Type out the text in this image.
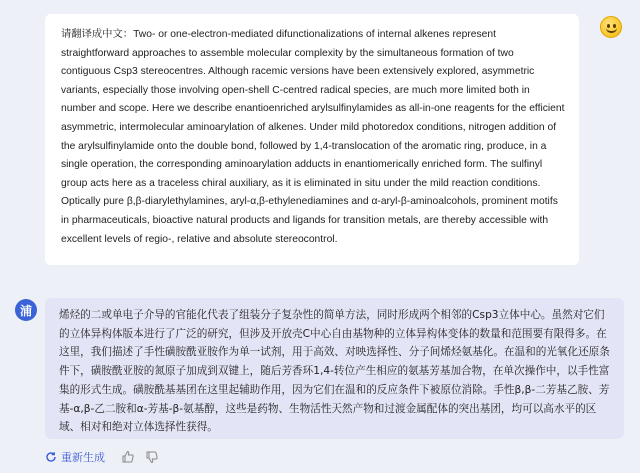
请翻译成中文：Two- or one-electron-mediated difunctionalizations of internal alkenes represent straightforward approaches to assemble molecular complexity by the simultaneous formation of two contiguous Csp3 stereocentres. Although racemic versions have been extensively explored, asymmetric variants, especially those involving open-shell C-centred radical species, are much more limited both in number and scope. Here we describe enantioenriched arylsulfinylamides as all-in-one reagents for the efficient asymmetric, intermolecular aminoarylation of alkenes. Under mild photoredox conditions, nitrogen addition of the arylsulfinylamide onto the double bond, followed by 1,4-translocation of the aromatic ring, produce, in a single operation, the corresponding aminoarylation adducts in enantiomerically enriched form. The sulfinyl group acts here as a traceless chiral auxiliary, as it is eliminated in situ under the mild reaction conditions. Optically pure β,β-diarylethylamines, aryl-α,β-ethylenediamines and α-aryl-β-aminoalcohols, prominent motifs in pharmaceuticals, bioactive natural products and ligands for transition metals, are thereby accessible with excellent levels of regio-, relative and absolute stereocontrol.

浦	烯烃的二或单电子介导的官能化代表了组装分子复杂性的简单方法，同时形成两个相邻的Csp3立体中心。虽然对它们的立体异构体版本进行了广泛的研究，但涉及开放壳C中心自由基物种的立体异构体变体的数量和范围要有限得多。在这里，我们描述了手性磺胺酰亚胺作为单一试剂，用于高效、对映选择性、分子间烯烃氨基化。在温和的光氧化还原条件下，磺胺酰亚胺的氮原子加成到双键上，随后芳香环1,4-转位产生相应的氨基芳基加合物，在单次操作中，以手性富集的形式生成。磺胺酰基基团在这里起辅助作用，因为它们在温和的反应条件下被原位消除。手性β,β-二芳基乙胺、芳基-α,β-乙二胺和α-芳基-β-氨基醇，这些是药物、生物活性天然产物和过渡金属配体的突出基团，均可以高水平的区域、相对和绝对立体选择性获得。

重新生成
